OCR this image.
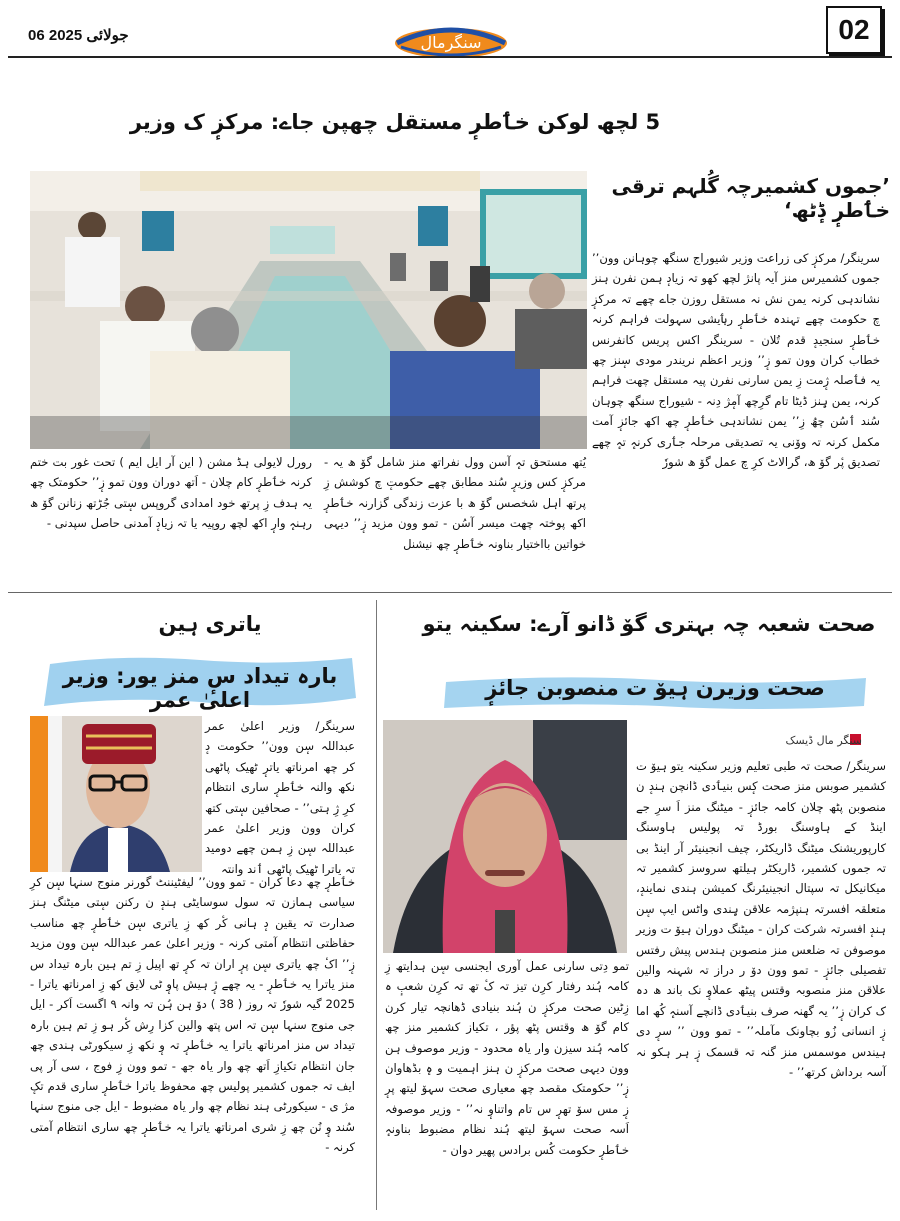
06 جولائی 2025	سنگرمال	02
5 لچھ لوکن خٲطرٕ مستقل چھپن جاے: مرکزٕ ک وزیر
’جموں کشمیرچہ گُلہم ترقی خٲطرٕ ڈٕٹھ‘
سرینگر/ مرکزٕ کی زراعت وزیر شیوراج سنگھ چوہانن وون’’ جموں کشمیرس منز آیہ پانژ لچھ کھو تہ زیادٕ ہمن نفرن ہنز نشاندہی کرنہ یمن نش نہ مستقل روزن جاے چھے تہ مرکزٕ چ حکومت چھے تہندہ خٲطرٕ رہٲیشی سہولت فراہم کرنہ خٲطرٕ سنجیدٕ قدم تُلان - سرینگر اکس پریس کانفرنس خطاب کران وون تمو زٕ’’ وزیر اعظم نریندر مودی سٕنز چھ یہ فٲصلہ ژٕمت زِ یمن سارنی نفرن پیہ مستقل چھت فراہم کرنہ، یمن ہٕنز ڈیٹا تام گرِچھ آمٕژ دِنہ - شیوراج سنگھ چوہان سُند ٲسُن چھُ زِ’’ یمن نشاندہی خٲطرٕ چھ اکھ جائزٕ آمت مکمل کرنہ تہ ووٚنی یہ تصدیقی مرحلہ جٲری کرنہٕ تہٕ چھے تصدیق پٔر گوٚ ھ، گرالاٹ کرِ چ عمل گوٚ ھ شورٗ
یُتھ مستحق تہٕ آسن وول نفراتھ منز شامل گوٚ ھ یہ - مرکزٕ کس وزیرٕ سُند مطابق چھے حکومتٕ چ کوشش زِ پرتھ اہل شخصس گوٚ ھ با عزت زندگی گزارنہ خٲطرٕ اکھ پوختہ چھت میسر آسُن - تمو وون مزید زٕ’’ دیہی خواتین بااختیار بناونہ خٲطرٕ چھ نیشنل
رورل لایولی ہڈ مشن ( این آر ایل ایم ) تحت غور بت ختم کرنہ خٲطرٕ کام چلان - اَتھ دوران وون تمو زٕ’’ حکومتک چھ یہ ہدف زِ پرتھ خود امدادی گروپس سٕتی جُڑتھ زنانن گوٚ ھ رہنہٕ وارٕ اکھ لچھ روپیہ یا تہ زیادٕ آمدنی حاصل سپدنی -
یاتری ہین
بارہ تیداد سٕ منز یور: وزیر اعلیٰ عمر
سرینگر/ وزیر اعلیٰ عمر عبداللہ سٕن وون’’ حکومت دٕ کر چھ امرناتھ یاترٕ ٹھیک پاٹھی نکھ والنہ خٲطرٕ ساری انتظام کرِ ژِ ہتی’’ - صحافین سٕتی کتھ کران وون وزیر اعلیٰ عمر عبداللہ سٕن زِ ہمن چھے دومید تہ یاترا ٹھیک پاٹھی ٲند وانتہ
خٲطرٕ چھ دعا کران - تمو وون’’ لیفٹیننٹ گورنر منوج سنہا سٕن کرِ سیاسی ہمازن تہ سول سوسایٹی ہندٕ ن رکنن سٕتی میٹنگ ہنز صدارت تہ یقین دٕ ہانی کٔر کھ زِ یاتری سٕن خٲطرٕ چھ مناسب حفاظتی انتظام آمتی کرنہ - وزیر اعلیٰ عمر عبداللہ سٕن وون مزید زٕ’’ اکٔ چھ یاتری سٕن پرٕ اران تہ کرٕ تھ اپیل زِ تم ہین بارہ تیداد س منز یاترا یہ خٲطرٕ - یہ چھے ژٕ ہیش پاوٕ ٹی لایق کھ زِ امرناتھ یاترا - 2025 گیہ شورٗ تہ روز ( 38 ) دوٚ ہن ہُن تہ وانہ ۹ اگست اَکر - ایل جی منوج سنہا سٕن تہ اس پتھ والین کزا رِش کٔر ہو زِ تم ہین بارہ تیداد س منز امرناتھ یاترا یہ خٲطرٕ تہ وٕ نکھ زِ سیکورٹی ہندی چھ جان انتظام تکیازِ اَتھ چھ وار یاہ جھ - تمو وون زِ فوج ، سی آر پی ایف تہ جموں کشمیر پولیس چھ محفوظ یاترا خٲطرٕ ساری قدم تکٕ مژ ی - سیکورٹی ہند نظام چھ وار یاہ مضبوط - ایل جی منوج سنہا سُند وٕ نُن چھ زِ شری امرناتھ یاترا یہ خٲطرٕ چھ ساری انتظام آمتی کرنہ -
صحت شعبہ چہ بہتری گوٚ ڈانو آرے: سکینہ یتو
صحت وزیرن ہیوٚ ت منصوبن جائزٕ
سنگر مال ڈیسک
سرینگر/ صحت تہ طبی تعلیم وزیر سکینہ یتو ہیوٚ ت کشمیر صوبس منز صحت کٕس بنیٲدی ڈانچن ہندٕ ن منصوبن پٹھ چلان کامہ جائزٕ - میٹنگ منز اَ سرِ جے اینڈ کے ہاوسنگ بورڈ تہ پولیس ہاوسنگ کارپوریشنک میٹنگ ڈاریکٹر، چیف انجینیئر آر اینڈ بی تہ جموں کشمیر، ڈاریکٹر ہیلتھ سروسز کشمیر تہ میکانیکل تہ سپتال انجینیئرنگ کمیشن ہندی نمایندٕ، متعلقہ افسرتہ ہنپژمہ علاقن ہٕندی واٹس ایپ سٕن ہندٕ افسرتہ شرکت کران - میٹنگ دوران ہیوٚ ت وزیر موصوفن تہ ضلعس منز منصوبن ہندس پیش رفتس تفصیلی جائزٕ - تمو وون دوٚ ر دراز تہ شہنہ والین علاقن منز منصوبہ وقتس پیٹھ عملاوٕ نک باند ھ دہ ک کران زٕ’’ یہ گھنہ صرف بنیٲدی ڈانچے آسنہٕ کُھ اما زٕ انسانی زُو بچاونک مآملہ’’ - تمو وون ’’ سرٕ دی ہیندس موسمس منز گنہ تہ قسمک زٕ ہر ہکو نہ آسہ برداش کرتھ’’ -
تمو دِتی سارنی عمل آوری ایجنسی سٕن ہدایتھ زِ کامہ ہُند رفتار کرِن تیز تہ کٔ تھ تہ کرِن شعبٕ ہ زِٹین صحت مرکزٕ ن ہُند بنیادی ڈھانچہ تیار کرن کام گوٚ ھ وقتس پٹھ پؤر ، تکیاز کشمیر منز چھ کامہ ہُند سیزن وار یاہ محدود - وزیر موصوف ہن وون دیہی صحت مرکزٕ ن ہنز اہمیت و ہٕ بڈھاوان زٕ’’ حکومتک مقصد چھ معیاری صحت سہوٚ لیتھ پرٕ زٕ مس سوٚ تھرٕ س تام واتناوٕ نہ’’ - وزیر موصوفہ اَسہ صحت سہوٚ لیتھ ہُند نظام مضبوط بناونہٕ خٲطرٕ حکومت کُس برادس پھیر دوان -
